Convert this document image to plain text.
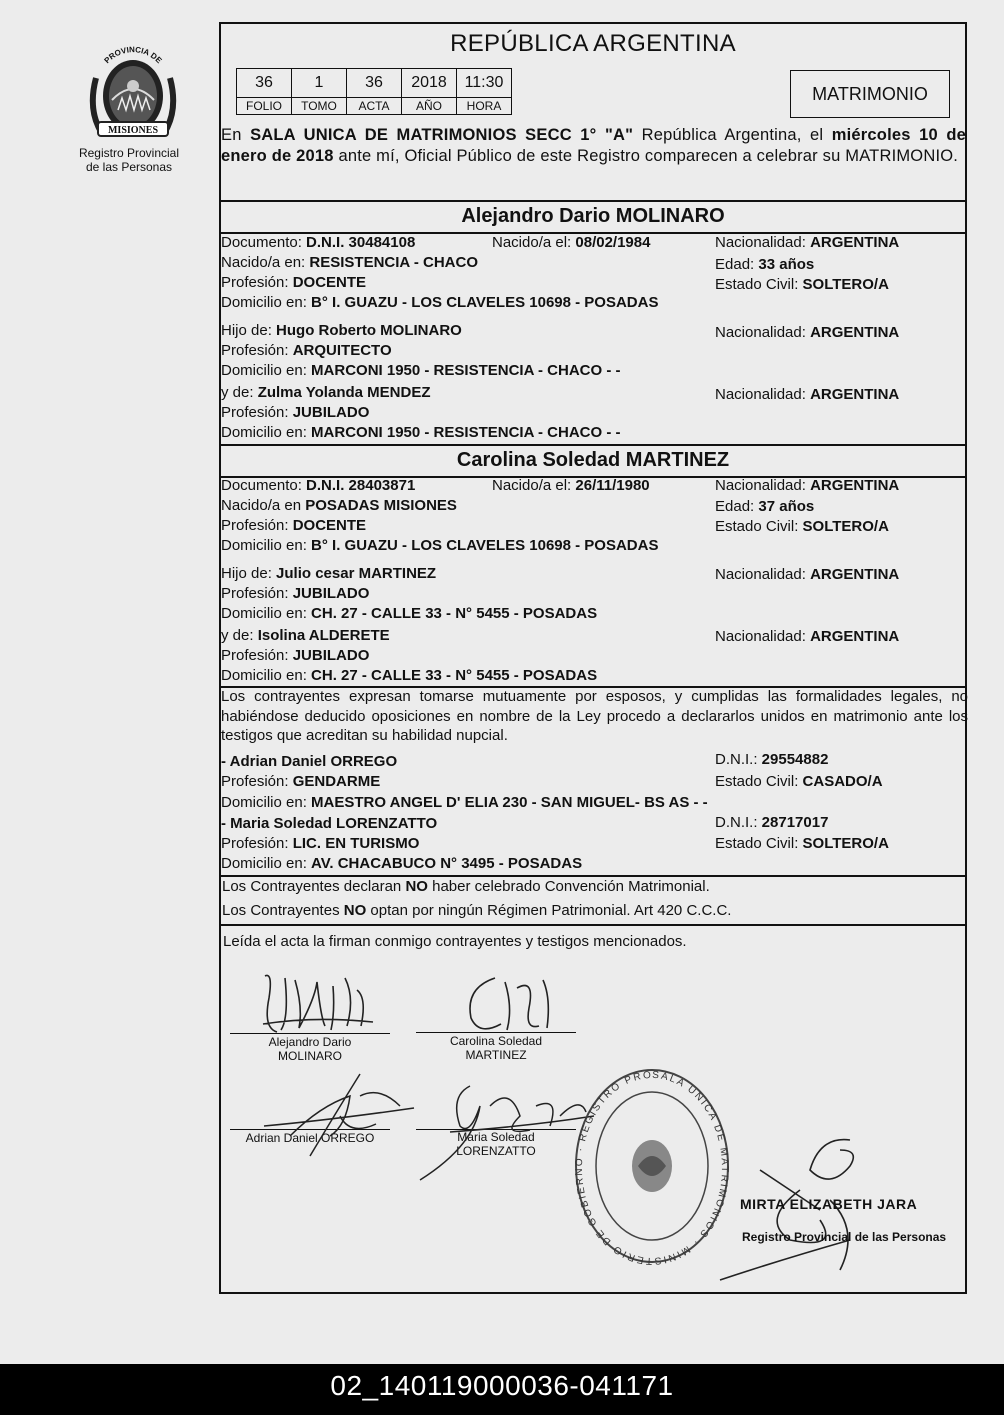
PROVINCIA DE
MISIONES
Registro Provincial
de las Personas
REPÚBLICA ARGENTINA
36	1	36	2018	11:30
FOLIO	TOMO	ACTA	AÑO	HORA
MATRIMONIO
En SALA UNICA DE MATRIMONIOS SECC 1° "A" República Argentina, el miércoles 10 de enero de 2018 ante mí, Oficial Público de este Registro comparecen a celebrar su MATRIMONIO.
Alejandro Dario MOLINARO
Documento: D.N.I. 30484108	Nacido/a el: 08/02/1984	Nacionalidad: ARGENTINA
Nacido/a en: RESISTENCIA - CHACO	Edad: 33 años
Profesión: DOCENTE	Estado Civil: SOLTERO/A
Domicilio en: B° I. GUAZU - LOS CLAVELES 10698 - POSADAS
Hijo de: Hugo Roberto MOLINARO	Nacionalidad: ARGENTINA
Profesión: ARQUITECTO
Domicilio en: MARCONI 1950 - RESISTENCIA - CHACO - -
y de: Zulma Yolanda MENDEZ	Nacionalidad: ARGENTINA
Profesión: JUBILADO
Domicilio en: MARCONI 1950 - RESISTENCIA - CHACO - -
Carolina Soledad MARTINEZ
Documento: D.N.I. 28403871	Nacido/a el: 26/11/1980	Nacionalidad: ARGENTINA
Nacido/a en POSADAS MISIONES	Edad: 37 años
Profesión: DOCENTE	Estado Civil: SOLTERO/A
Domicilio en: B° I. GUAZU - LOS CLAVELES 10698 - POSADAS
Hijo de: Julio cesar MARTINEZ	Nacionalidad: ARGENTINA
Profesión: JUBILADO
Domicilio en: CH. 27 - CALLE 33 - N° 5455 - POSADAS
y de: Isolina ALDERETE	Nacionalidad: ARGENTINA
Profesión: JUBILADO
Domicilio en: CH. 27 - CALLE 33 - N° 5455 - POSADAS
Los contrayentes expresan tomarse mutuamente por esposos, y cumplidas las formalidades legales, no habiéndose deducido oposiciones en nombre de la Ley procedo a declararlos unidos en matrimonio ante los testigos que acreditan su habilidad nupcial.
- Adrian Daniel ORREGO	D.N.I.: 29554882
Profesión: GENDARME	Estado Civil: CASADO/A
Domicilio en: MAESTRO ANGEL D' ELIA 230 - SAN MIGUEL- BS AS - -
- Maria Soledad LORENZATTO	D.N.I.: 28717017
Profesión: LIC. EN TURISMO	Estado Civil: SOLTERO/A
Domicilio en: AV. CHACABUCO N° 3495 - POSADAS
Los Contrayentes declaran NO haber celebrado Convención Matrimonial.
Los Contrayentes NO optan por ningún Régimen Patrimonial. Art 420 C.C.C.
Leída el acta la firman conmigo contrayentes y testigos mencionados.
Alejandro Dario
MOLINARO
Carolina Soledad
MARTINEZ
Adrian Daniel ORREGO	Maria Soledad
LORENZATTO
SALA UNICA DE MATRIMONIOS · MINISTERIO DE GOBIERNO · REGISTRO PROVINCIAL DE LAS PERSONAS
MIRTA ELIZABETH JARA
Registro Provincial de las Personas
02_140119000036-041171
